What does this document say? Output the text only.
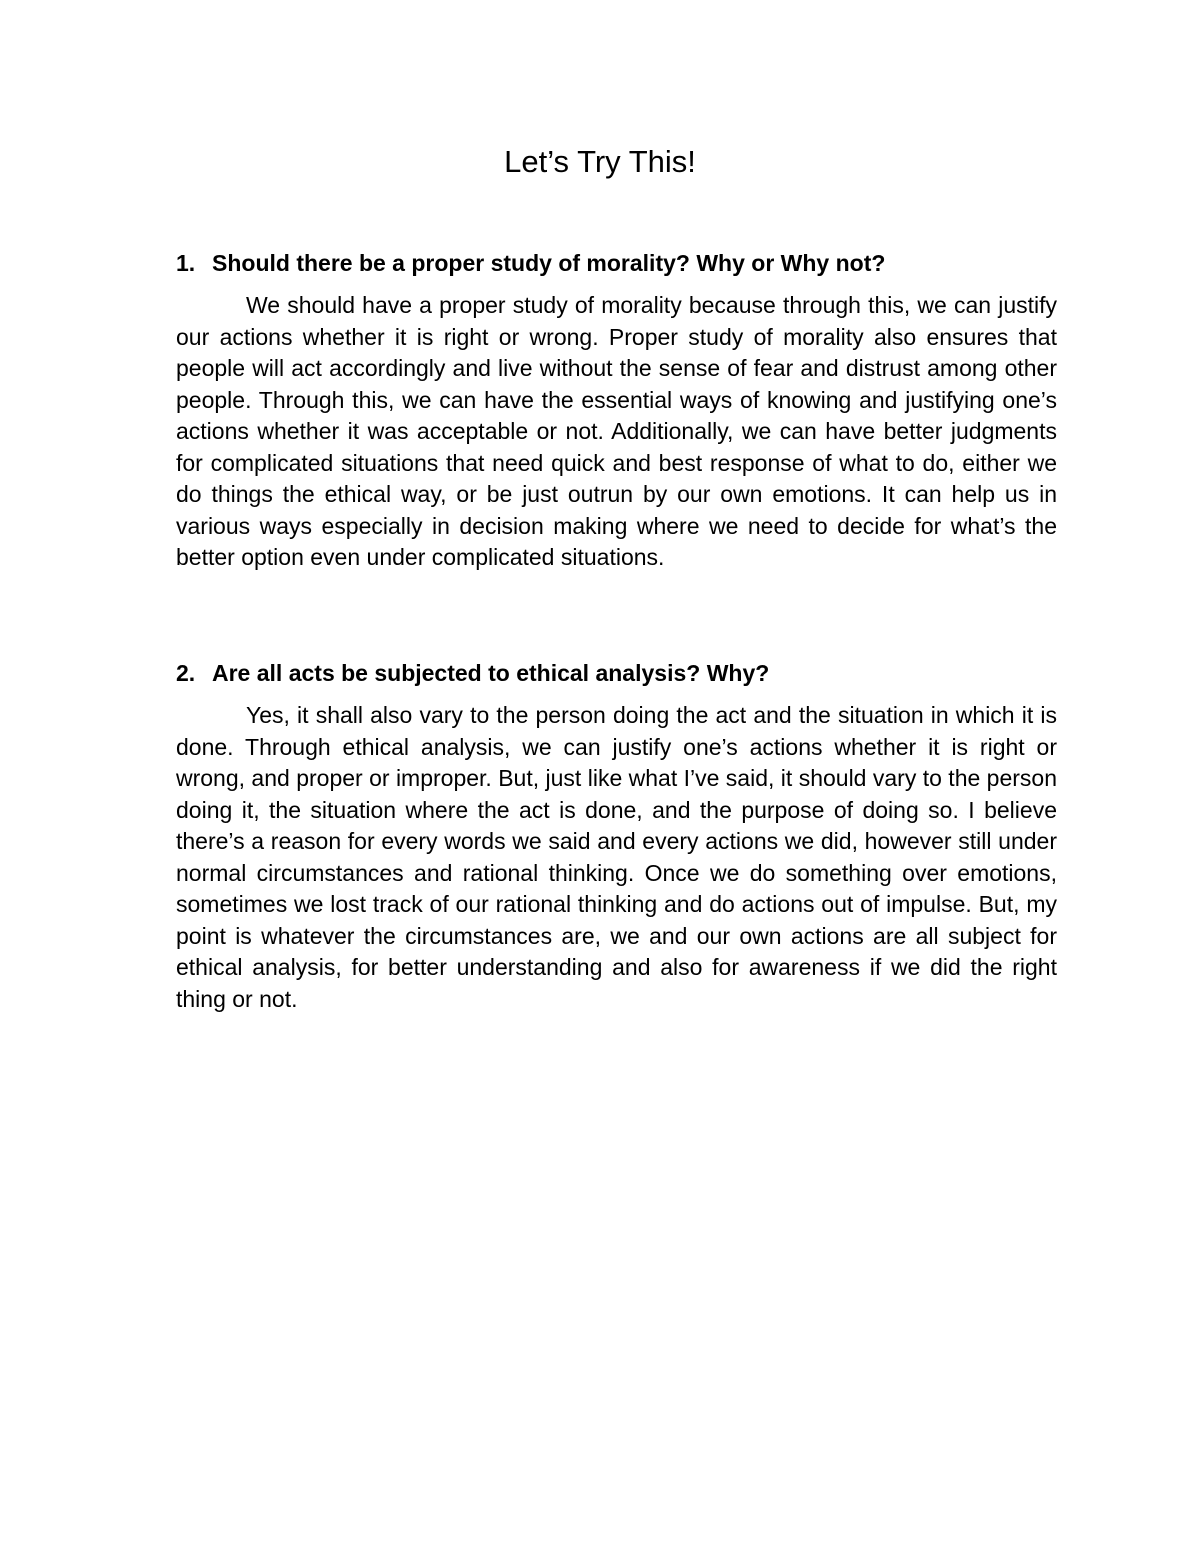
Let’s Try This!
1. Should there be a proper study of morality? Why or Why not?

We should have a proper study of morality because through this, we can justify our actions whether it is right or wrong. Proper study of morality also ensures that people will act accordingly and live without the sense of fear and distrust among other people. Through this, we can have the essential ways of knowing and justifying one’s actions whether it was acceptable or not. Additionally, we can have better judgments for complicated situations that need quick and best response of what to do, either we do things the ethical way, or be just outrun by our own emotions. It can help us in various ways especially in decision making where we need to decide for what’s the better option even under complicated situations.

2. Are all acts be subjected to ethical analysis? Why?

Yes, it shall also vary to the person doing the act and the situation in which it is done. Through ethical analysis, we can justify one’s actions whether it is right or wrong, and proper or improper. But, just like what I’ve said, it should vary to the person doing it, the situation where the act is done, and the purpose of doing so. I believe there’s a reason for every words we said and every actions we did, however still under normal circumstances and rational thinking. Once we do something over emotions, sometimes we lost track of our rational thinking and do actions out of impulse. But, my point is whatever the circumstances are, we and our own actions are all subject for ethical analysis, for better understanding and also for awareness if we did the right thing or not.
